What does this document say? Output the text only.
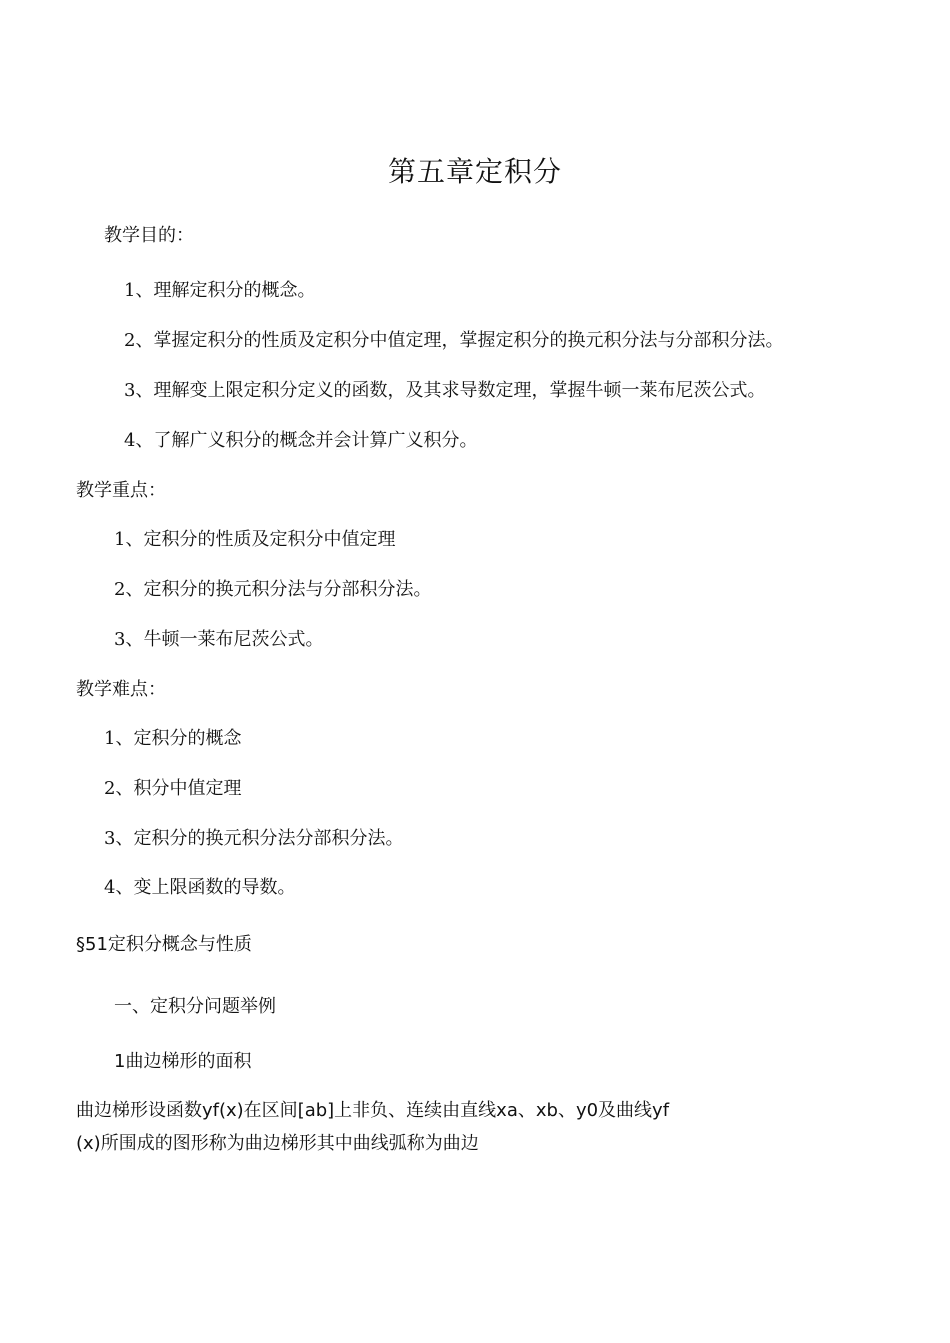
第五章定积分
教学目的：
1、理解定积分的概念。
2、掌握定积分的性质及定积分中值定理，掌握定积分的换元积分法与分部积分法。
3、理解变上限定积分定义的函数，及其求导数定理，掌握牛顿一莱布尼茨公式。
4、了解广义积分的概念并会计算广义积分。
教学重点：
1、定积分的性质及定积分中值定理
2、定积分的换元积分法与分部积分法。
3、牛顿一莱布尼茨公式。
教学难点：
1、定积分的概念
2、积分中值定理
3、定积分的换元积分法分部积分法。
4、变上限函数的导数。
§51定积分概念与性质
一、定积分问题举例
1曲边梯形的面积
曲边梯形设函数yf(x)在区间[ab]上非负、连续由直线xa、xb、y0及曲线yf
(x)所围成的图形称为曲边梯形其中曲线弧称为曲边
